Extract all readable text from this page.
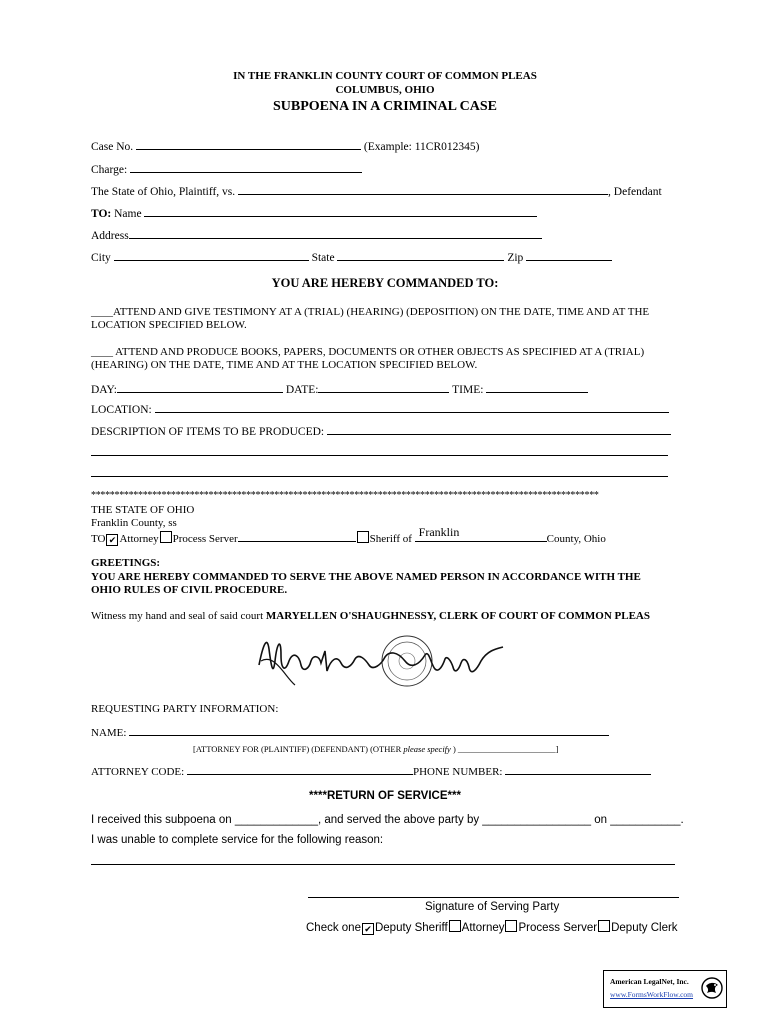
IN THE FRANKLIN COUNTY COURT OF COMMON PLEAS
COLUMBUS, OHIO
SUBPOENA IN A CRIMINAL CASE
Case No.	(Example: 11CR012345)
Charge:
The State of Ohio, Plaintiff, vs.	, Defendant
TO: Name
Address
City	State	Zip
YOU ARE HEREBY COMMANDED TO:
____ATTEND AND GIVE TESTIMONY AT A (TRIAL) (HEARING) (DEPOSITION) ON THE DATE, TIME AND AT THE
LOCATION SPECIFIED BELOW.
____ ATTEND AND PRODUCE BOOKS, PAPERS, DOCUMENTS OR OTHER OBJECTS AS SPECIFIED AT A (TRIAL)
(HEARING) ON THE DATE, TIME AND AT THE LOCATION SPECIFIED BELOW.
DAY:	DATE:	TIME:
LOCATION:
DESCRIPTION OF ITEMS TO BE PRODUCED:
************************************************************************************************************
THE STATE OF OHIO
Franklin County, ss
TO ✔ Attorney Process Server	Sheriff of Franklin	County, Ohio
GREETINGS:
YOU ARE HEREBY COMMANDED TO SERVE THE ABOVE NAMED PERSON IN ACCORDANCE WITH THE
OHIO RULES OF CIVIL PROCEDURE.
Witness my hand and seal of said court MARYELLEN O'SHAUGHNESSY, CLERK OF COURT OF COMMON PLEAS
REQUESTING PARTY INFORMATION:
NAME:
[ATTORNEY FOR (PLAINTIFF) (DEFENDANT) (OTHER please specify ) _______________________]
ATTORNEY CODE:	PHONE NUMBER:
****RETURN OF SERVICE***
I received this subpoena on _____________, and served the above party by _________________ on ___________.
I was unable to complete service for the following reason:
Signature of Serving Party
Check one ✔ Deputy Sheriff Attorney Process Server Deputy Clerk
American LegalNet, Inc.
www.FormsWorkFlow.com
